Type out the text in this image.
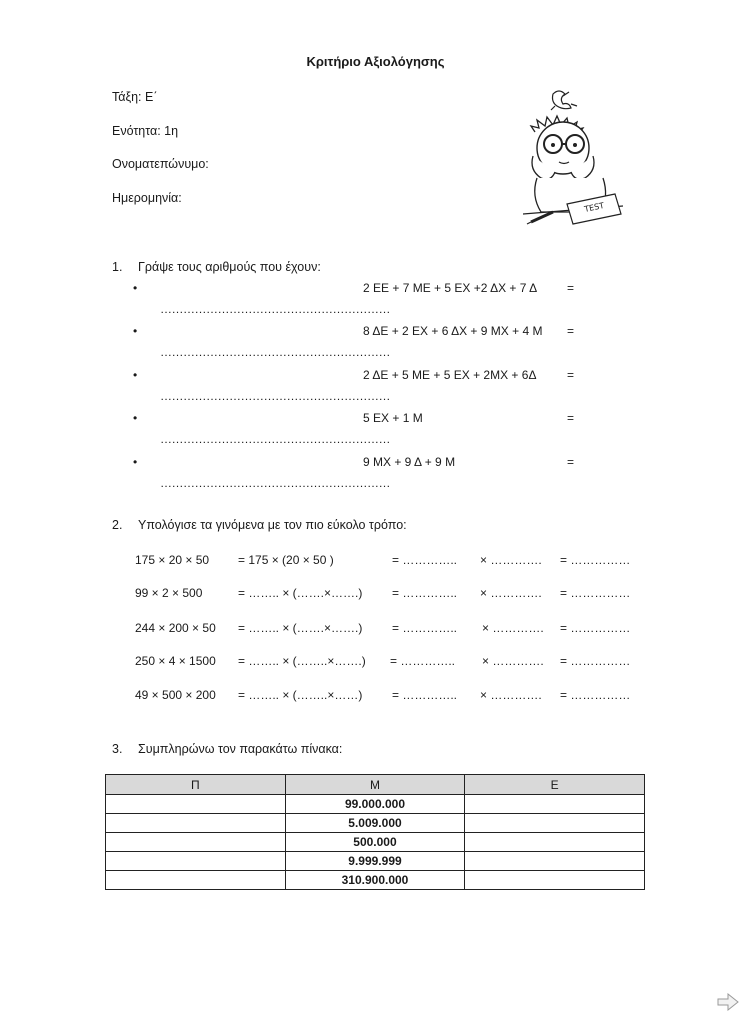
Κριτήριο Αξιολόγησης
Τάξη: Ε΄
Ενότητα: 1η
Ονοματεπώνυμο:
Ημερομηνία:
TEST
1. Γράψε τους αριθμούς που έχουν:
•	2 ΕΕ + 7 ΜΕ + 5 ΕΧ +2 ΔΧ + 7 Δ =
……………………………………………………
•	8 ΔΕ + 2 ΕΧ + 6 ΔΧ + 9 ΜΧ + 4 Μ =
……………………………………………………
•	2 ΔΕ + 5 ΜΕ + 5 ΕΧ + 2ΜΧ + 6Δ	=
……………………………………………………
•	5 ΕΧ + 1 Μ	=
……………………………………………………
•	9 ΜΧ + 9 Δ + 9 Μ	=
……………………………………………………
2. Υπολόγισε τα γινόμενα με τον πιο εύκολο τρόπο:
175 × 20 × 50 = 175 × (20 × 50 )	= ………….. × …………. = ……………
99 × 2 × 500	= …….. × (…….×…….) = ………….. × …………. = ……………
244 × 200 × 50 = …….. × (…….×…….) = ………….. × …………. = ……………
250 × 4 × 1500 = …….. × (……..×…….) = ………….. × …………. = ……………
49 × 500 × 200 = …….. × (……..×……) = ………….. × …………. = ……………
3. Συμπληρώνω τον παρακάτω πίνακα:
Π	Μ	Ε
	99.000.000	
	5.009.000	
	500.000	
	9.999.999	
	310.900.000	
